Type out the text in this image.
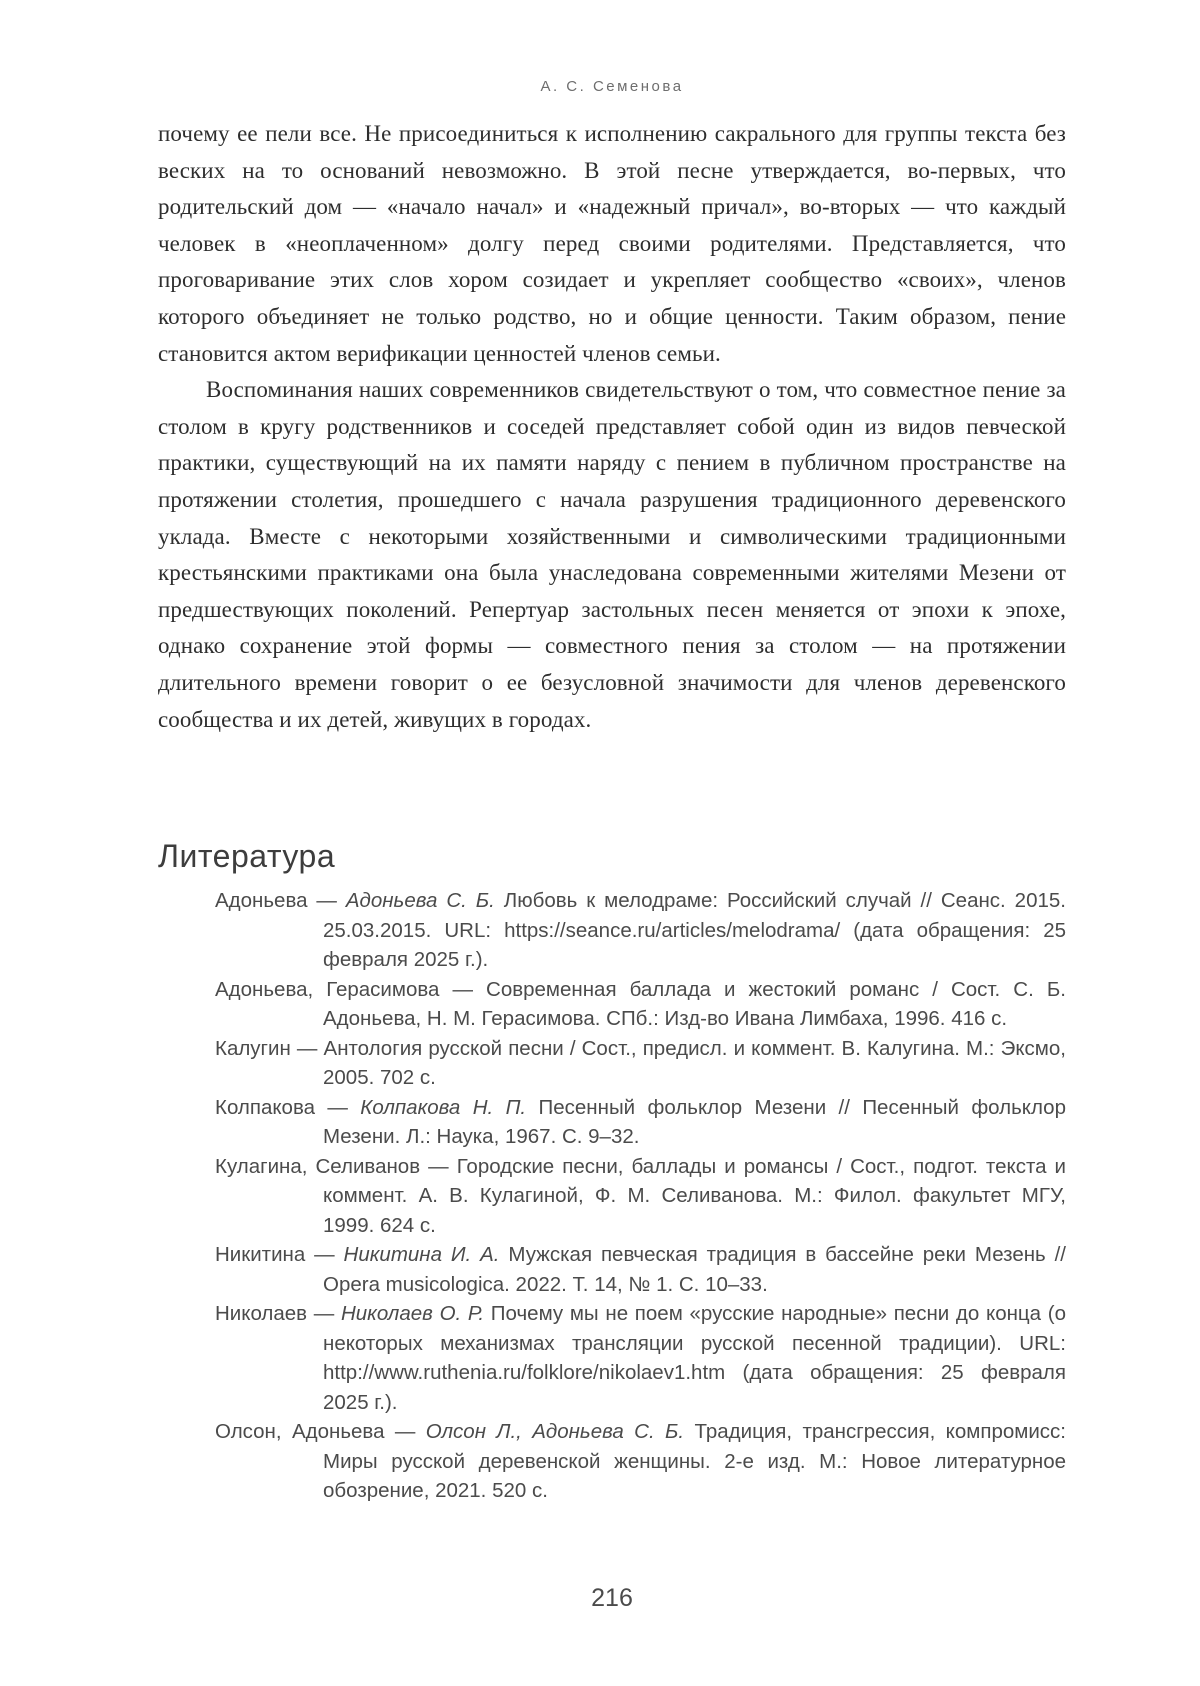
А. С. Семенова

почему ее пели все. Не присоединиться к исполнению сакрального для группы текста без веских на то оснований невозможно. В этой песне утверждается, во-первых, что родительский дом — «начало начал» и «надежный причал», во-вторых — что каждый человек в «неоплаченном» долгу перед своими родителями. Представляется, что проговаривание этих слов хором созидает и укрепляет сообщество «своих», членов которого объединяет не только родство, но и общие ценности. Таким образом, пение становится актом верификации ценностей членов семьи.

Воспоминания наших современников свидетельствуют о том, что совместное пение за столом в кругу родственников и соседей представляет собой один из видов певческой практики, существующий на их памяти наряду с пением в публичном пространстве на протяжении столетия, прошедшего с начала разрушения традиционного деревенского уклада. Вместе с некоторыми хозяйственными и символическими традиционными крестьянскими практиками она была унаследована современными жителями Мезени от предшествующих поколений. Репертуар застольных песен меняется от эпохи к эпохе, однако сохранение этой формы — совместного пения за столом — на протяжении длительного времени говорит о ее безусловной значимости для членов деревенского сообщества и их детей, живущих в городах.

Литература
Адоньева — Адоньева С. Б. Любовь к мелодраме: Российский случай // Сеанс. 2015. 25.03.2015. URL: https://seance.ru/articles/melodrama/ (дата обращения: 25 февраля 2025 г.).
Адоньева, Герасимова — Современная баллада и жестокий романс / Сост. С. Б. Адоньева, Н. М. Герасимова. СПб.: Изд-во Ивана Лимбаха, 1996. 416 с.
Калугин — Антология русской песни / Сост., предисл. и коммент. В. Калугина. М.: Эксмо, 2005. 702 с.
Колпакова — Колпакова Н. П. Песенный фольклор Мезени // Песенный фольклор Мезени. Л.: Наука, 1967. С. 9–32.
Кулагина, Селиванов — Городские песни, баллады и романсы / Сост., подгот. текста и коммент. А. В. Кулагиной, Ф. М. Селиванова. М.: Филол. факультет МГУ, 1999. 624 с.
Никитина — Никитина И. А. Мужская певческая традиция в бассейне реки Мезень // Opera musicologica. 2022. Т. 14, № 1. С. 10–33.
Николаев — Николаев О. Р. Почему мы не поем «русские народные» песни до конца (о некоторых механизмах трансляции русской песенной традиции). URL: http://www.ruthenia.ru/folklore/nikolaev1.htm (дата обращения: 25 февраля 2025 г.).
Олсон, Адоньева — Олсон Л., Адоньева С. Б. Традиция, трансгрессия, компромисс: Миры русской деревенской женщины. 2-е изд. М.: Новое литературное обозрение, 2021. 520 с.
216
